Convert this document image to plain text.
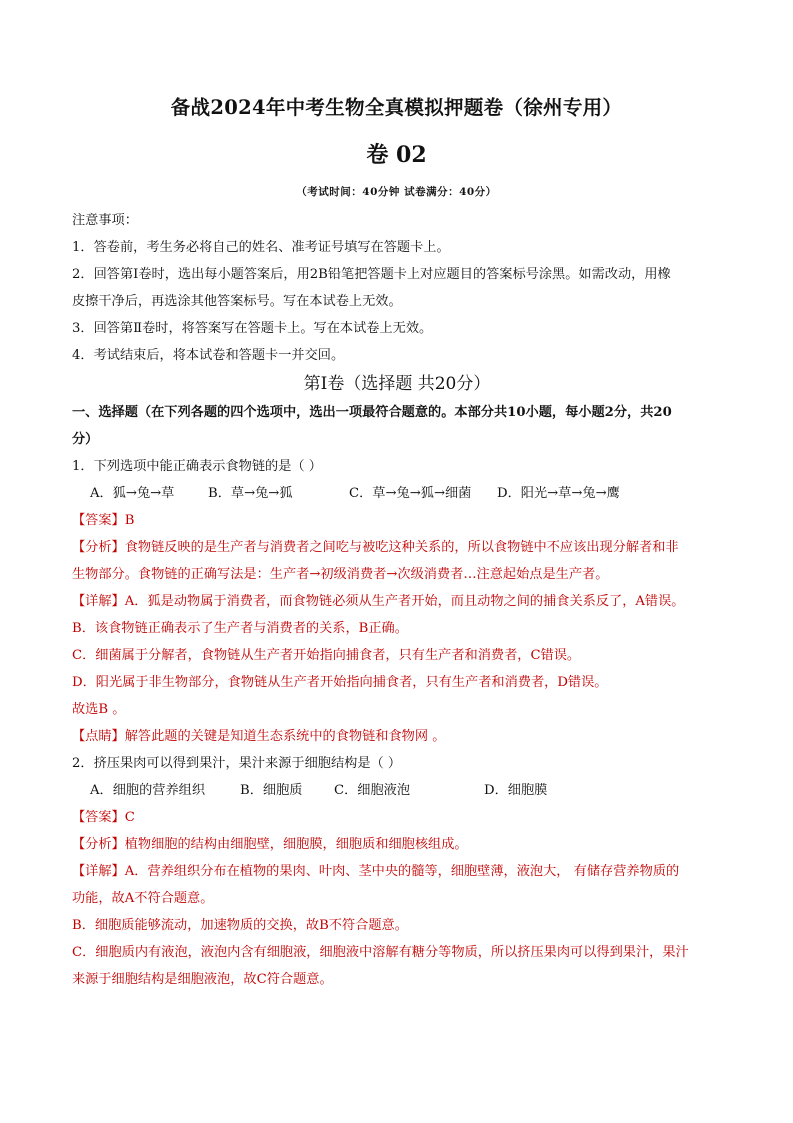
备战2024年中考生物全真模拟押题卷（徐州专用）
卷 02
（考试时间：40分钟 试卷满分：40分）
注意事项：
1．答卷前，考生务必将自己的姓名、准考证号填写在答题卡上。
2．回答第Ⅰ卷时，选出每小题答案后，用2B铅笔把答题卡上对应题目的答案标号涂黑。如需改动，用橡
皮擦干净后，再选涂其他答案标号。写在本试卷上无效。
3．回答第Ⅱ卷时，将答案写在答题卡上。写在本试卷上无效。
4．考试结束后，将本试卷和答题卡一并交回。
第Ⅰ卷（选择题 共20分）
一、选择题（在下列各题的四个选项中，选出一项最符合题意的。本部分共10小题，每小题2分，共20
分）
1．下列选项中能正确表示食物链的是（ ）
A．狐→兔→草	B．草→兔→狐	C．草→兔→狐→细菌 D．阳光→草→兔→鹰
【答案】B
【分析】食物链反映的是生产者与消费者之间吃与被吃这种关系的，所以食物链中不应该出现分解者和非
生物部分。食物链的正确写法是：生产者→初级消费者→次级消费者…注意起始点是生产者。
【详解】A．狐是动物属于消费者，而食物链必须从生产者开始，而且动物之间的捕食关系反了，A错误。
B．该食物链正确表示了生产者与消费者的关系，B正确。
C．细菌属于分解者，食物链从生产者开始指向捕食者，只有生产者和消费者，C错误。
D．阳光属于非生物部分，食物链从生产者开始指向捕食者，只有生产者和消费者，D错误。
故选B 。
【点睛】解答此题的关键是知道生态系统中的食物链和食物网 。
2．挤压果肉可以得到果汁，果汁来源于细胞结构是（ ）
A．细胞的营养组织	B．细胞质 C．细胞液泡	D．细胞膜
【答案】C
【分析】植物细胞的结构由细胞壁，细胞膜，细胞质和细胞核组成。
【详解】A．营养组织分布在植物的果肉、叶肉、茎中央的髓等，细胞壁薄，液泡大， 有储存营养物质的
功能，故A不符合题意。
B．细胞质能够流动，加速物质的交换，故B不符合题意。
C．细胞质内有液泡，液泡内含有细胞液，细胞液中溶解有糖分等物质，所以挤压果肉可以得到果汁，果汁
来源于细胞结构是细胞液泡，故C符合题意。
